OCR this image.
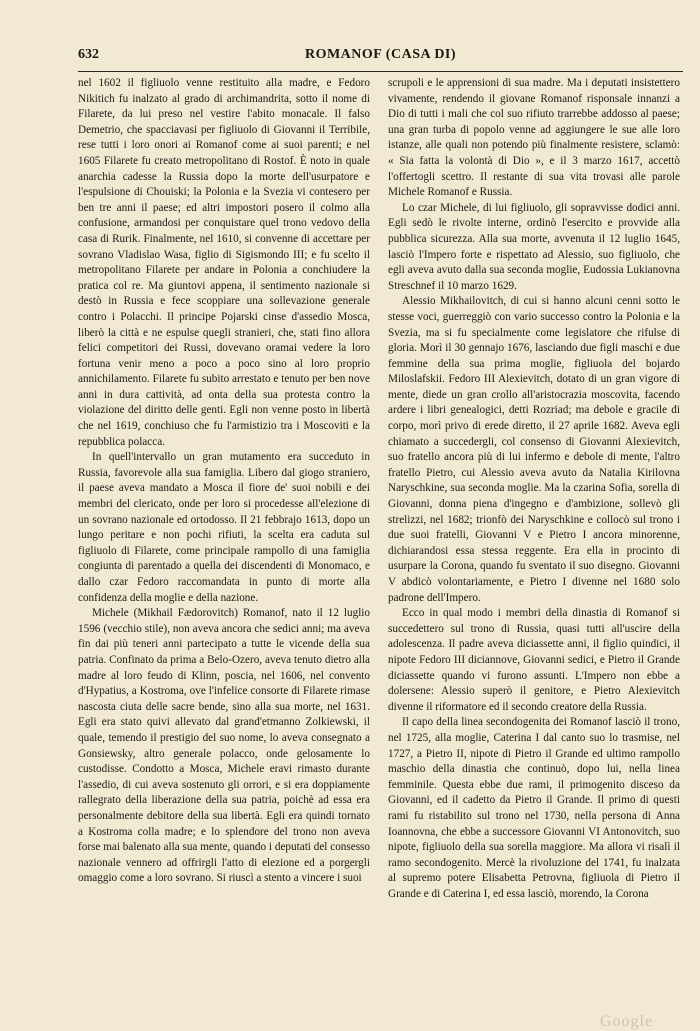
632	ROMANOF (CASA DI)

nel 1602 il figliuolo venne restituito alla madre, e Fedoro Nikitich fu inalzato al grado di archimandrita, sotto il nome di Filarete, da lui preso nel vestire l'abito monacale. Il falso Demetrio, che spacciavasi per figliuolo di Giovanni il Terribile, rese tutti i loro onori ai Romanof come ai suoi parenti; e nel 1605 Filarete fu creato metropolitano di Rostof. È noto in quale anarchia cadesse la Russia dopo la morte dell'usurpatore e l'espulsione di Chouiski; la Polonia e la Svezia vi contesero per ben tre anni il paese; ed altri impostori posero il colmo alla confusione, armandosi per conquistare quel trono vedovo della casa di Rurik. Finalmente, nel 1610, si convenne di accettare per sovrano Vladislao Wasa, figlio di Sigismondo III; e fu scelto il metropolitano Filarete per andare in Polonia a conchiudere la pratica col re. Ma giuntovi appena, il sentimento nazionale si destò in Russia e fece scoppiare una sollevazione generale contro i Polacchi. Il principe Pojarski cinse d'assedio Mosca, liberò la città e ne espulse quegli stranieri, che, stati fino allora felici competitori dei Russi, dovevano oramai vedere la loro fortuna venir meno a poco a poco sino al loro proprio annichilamento. Filarete fu subito arrestato e tenuto per ben nove anni in dura cattività, ad onta della sua protesta contro la violazione del diritto delle genti. Egli non venne posto in libertà che nel 1619, conchiuso che fu l'armistizio tra i Moscoviti e la repubblica polacca.

In quell'intervallo un gran mutamento era succeduto in Russia, favorevole alla sua famiglia. Libero dal giogo straniero, il paese aveva mandato a Mosca il fiore de' suoi nobili e dei membri del clericato, onde per loro si procedesse all'elezione di un sovrano nazionale ed ortodosso. Il 21 febbrajo 1613, dopo un lungo peritare e non pochi rifiuti, la scelta era caduta sul figliuolo di Filarete, come principale rampollo di una famiglia congiunta di parentado a quella dei discendenti di Monomaco, e dallo czar Fedoro raccomandata in punto di morte alla confidenza della moglie e della nazione.

Michele (Mikhail Fædorovitch) Romanof, nato il 12 luglio 1596 (vecchio stile), non aveva ancora che sedici anni; ma aveva fin dai più teneri anni partecipato a tutte le vicende della sua patria. Confinato da prima a Belo-Ozero, aveva tenuto dietro alla madre al loro feudo di Klinn, poscia, nel 1606, nel convento d'Hypatius, a Kostroma, ove l'infelice consorte di Filarete rimase nascosta ciuta delle sacre bende, sino alla sua morte, nel 1631. Egli era stato quivi allevato dal grand'etmanno Zolkiewski, il quale, temendo il prestigio del suo nome, lo aveva consegnato a Gonsiewsky, altro generale polacco, onde gelosamente lo custodisse. Condotto a Mosca, Michele eravi rimasto durante l'assedio, di cui aveva sostenuto gli orrori, e si era doppiamente rallegrato della liberazione della sua patria, poichè ad essa era personalmente debitore della sua libertà. Egli era quindi tornato a Kostroma colla madre; e lo splendore del trono non aveva forse mai balenato alla sua mente, quando i deputati del consesso nazionale vennero ad offrirgli l'atto di elezione ed a porgergli omaggio come a loro sovrano. Si riuscì a stento a vincere i suoi

scrupoli e le apprensioni di sua madre. Ma i deputati insistettero vivamente, rendendo il giovane Romanof risponsale innanzi a Dio di tutti i mali che col suo rifiuto trarrebbe addosso al paese; una gran turba di popolo venne ad aggiungere le sue alle loro istanze, alle quali non potendo più finalmente resistere, sclamò: « Sia fatta la volontà di Dio », e il 3 marzo 1617, accettò l'offertogli scettro. Il restante di sua vita trovasi alle parole Michele Romanof e Russia.

Lo czar Michele, di lui figliuolo, gli sopravvisse dodici anni. Egli sedò le rivolte interne, ordinò l'esercito e provvide alla pubblica sicurezza. Alla sua morte, avvenuta il 12 luglio 1645, lasciò l'Impero forte e rispettato ad Alessio, suo figliuolo, che egli aveva avuto dalla sua seconda moglie, Eudossia Lukianovna Streschnef il 10 marzo 1629.

Alessio Mikhailovitch, di cui si hanno alcuni cenni sotto le stesse voci, guerreggiò con vario successo contro la Polonia e la Svezia, ma si fu specialmente come legislatore che rifulse di gloria. Morì il 30 gennajo 1676, lasciando due figli maschi e due femmine della sua prima moglie, figliuola del bojardo Miloslafskii. Fedoro III Alexievitch, dotato di un gran vigore di mente, diede un gran crollo all'aristocrazia moscovita, facendo ardere i libri genealogici, detti Rozriad; ma debole e gracile di corpo, morì privo di erede diretto, il 27 aprile 1682. Aveva egli chiamato a succedergli, col consenso di Giovanni Alexievitch, suo fratello ancora più di lui infermo e debole di mente, l'altro fratello Pietro, cui Alessio aveva avuto da Natalia Kirilovna Naryschkine, sua seconda moglie. Ma la czarina Sofia, sorella di Giovanni, donna piena d'ingegno e d'ambizione, sollevò gli strelizzi, nel 1682; trionfò dei Naryschkine e collocò sul trono i due suoi fratelli, Giovanni V e Pietro I ancora minorenne, dichiarandosi essa stessa reggente. Era ella in procinto di usurpare la Corona, quando fu sventato il suo disegno. Giovanni V abdicò volontariamente, e Pietro I divenne nel 1680 solo padrone dell'Impero.

Ecco in qual modo i membri della dinastia di Romanof si succedettero sul trono di Russia, quasi tutti all'uscire della adolescenza. Il padre aveva diciassette anni, il figlio quindici, il nipote Fedoro III diciannove, Giovanni sedici, e Pietro il Grande diciassette quando vi furono assunti. L'Impero non ebbe a dolersene: Alessio superò il genitore, e Pietro Alexievitch divenne il riformatore ed il secondo creatore della Russia.

Il capo della linea secondogenita dei Romanof lasciò il trono, nel 1725, alla moglie, Caterina I dal canto suo lo trasmise, nel 1727, a Pietro II, nipote di Pietro il Grande ed ultimo rampollo maschio della dinastia che continuò, dopo lui, nella linea femminile. Questa ebbe due rami, il primogenito disceso da Giovanni, ed il cadetto da Pietro il Grande. Il primo di questi rami fu ristabilito sul trono nel 1730, nella persona di Anna Ioannovna, che ebbe a successore Giovanni VI Antonovitch, suo nipote, figliuolo della sua sorella maggiore. Ma allora vi risalì il ramo secondogenito. Mercè la rivoluzione del 1741, fu inalzata al supremo potere Elisabetta Petrovna, figliuola di Pietro il Grande e di Caterina I, ed essa lasciò, morendo, la Corona

Google
